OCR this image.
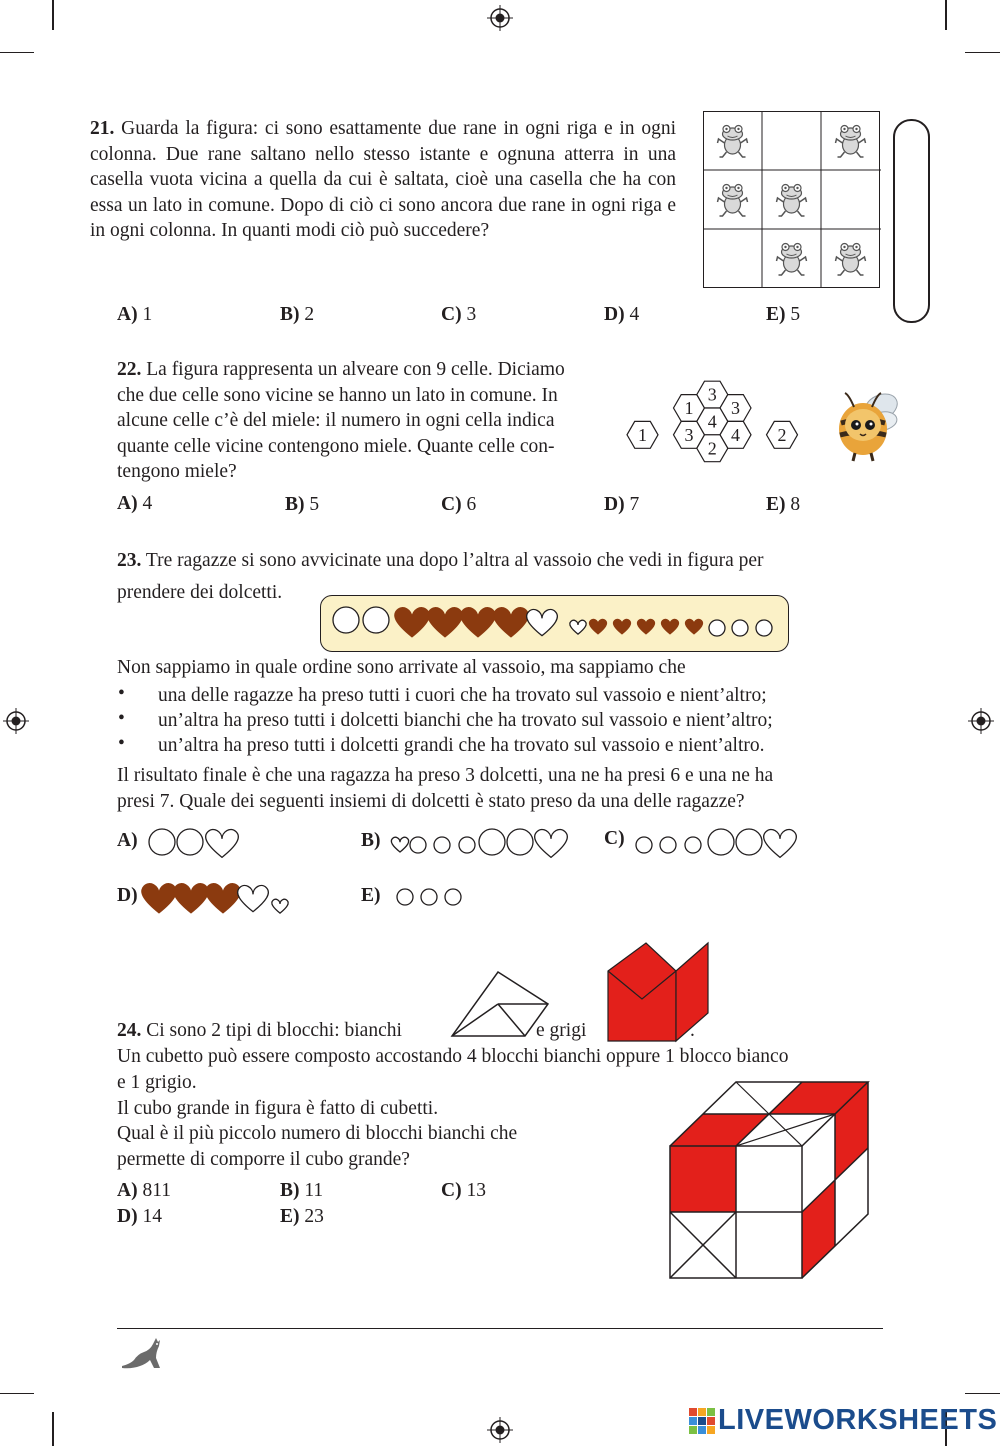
21. Guarda la figura: ci sono esattamente due rane in ogni riga e in ogni colonna. Due rane saltano nello stesso istante e ognuna atterra in una casella vuota vicina a quella da cui è saltata, cioè una casella che ha con essa un lato in comune. Dopo di ciò ci sono ancora due rane in ogni riga e in ogni colonna. In quanti modi ciò può succedere?
A) 1	B) 2	C) 3	D) 4	E) 5
22. La figura rappresenta un alveare con 9 celle. Diciamo
che due celle sono vicine se hanno un lato in comune. In
alcune celle c’è del miele: il numero in ogni cella indica
quante celle vicine contengono miele. Quante celle con-
tengono miele?
1
3
3
1 3
4
4 2
2
A) 4	B) 5	C) 6	D) 7	E) 8
23. Tre ragazze si sono avvicinate una dopo l’altra al vassoio che vedi in figura per
prendere dei dolcetti.
Non sappiamo in quale ordine sono arrivate al vassoio, ma sappiamo che
• una delle ragazze ha preso tutti i cuori che ha trovato sul vassoio e nient’altro;
• un’altra ha preso tutti i dolcetti bianchi che ha trovato sul vassoio e nient’altro;
• un’altra ha preso tutti i dolcetti grandi che ha trovato sul vassoio e nient’altro.
Il risultato finale è che una ragazza ha preso 3 dolcetti, una ne ha presi 6 e una ne ha
presi 7. Quale dei seguenti insiemi di dolcetti è stato preso da una delle ragazze?
A)	B)	C)
D)	E)
24. Ci sono 2 tipi di blocchi: bianchi	e grigi	.
Un cubetto può essere composto accostando 4 blocchi bianchi oppure 1 blocco bianco
e 1 grigio.
Il cubo grande in figura è fatto di cubetti.
Qual è il più piccolo numero di blocchi bianchi che
permette di comporre il cubo grande?
A) 811	B) 11	C) 13
D) 14	E) 23
LIVEWORKSHEETS
